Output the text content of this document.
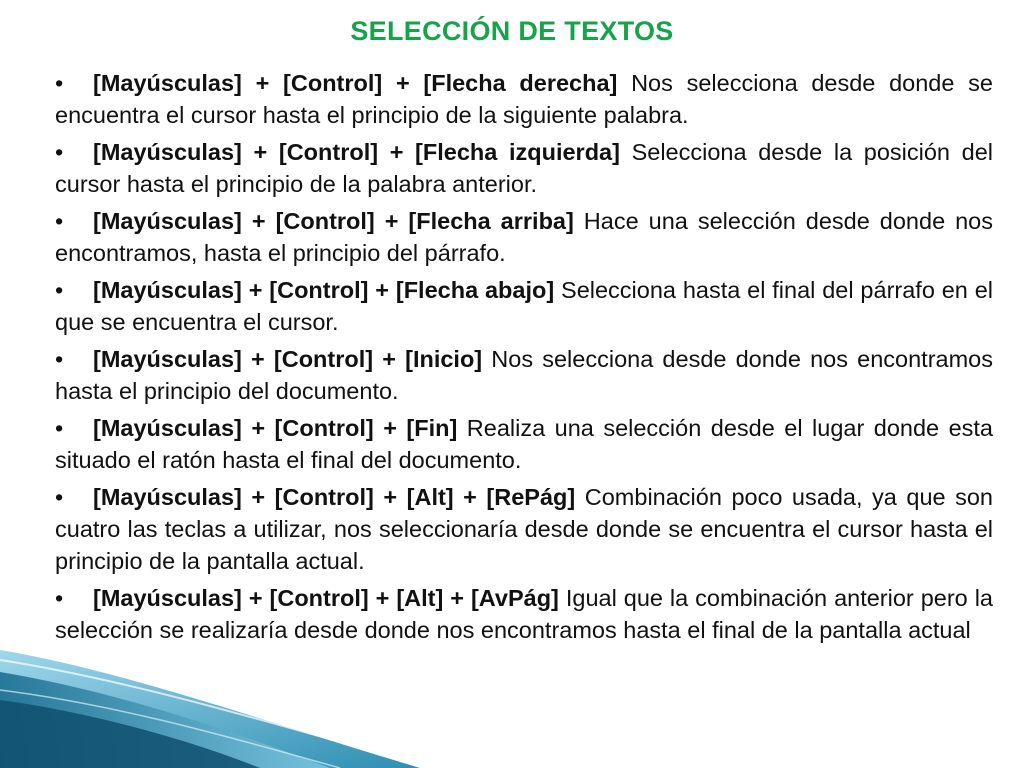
SELECCIÓN DE TEXTOS
• [Mayúsculas] + [Control] + [Flecha derecha] Nos selecciona desde donde se encuentra el cursor hasta el principio de la siguiente palabra.
• [Mayúsculas] + [Control] + [Flecha izquierda] Selecciona desde la posición del cursor hasta el principio de la palabra anterior.
• [Mayúsculas] + [Control] + [Flecha arriba] Hace una selección desde donde nos encontramos, hasta el principio del párrafo.
• [Mayúsculas] + [Control] + [Flecha abajo] Selecciona hasta el final del párrafo en el que se encuentra el cursor.
• [Mayúsculas] + [Control] + [Inicio] Nos selecciona desde donde nos encontramos hasta el principio del documento.
• [Mayúsculas] + [Control] + [Fin] Realiza una selección desde el lugar donde esta situado el ratón hasta el final del documento.
• [Mayúsculas] + [Control] + [Alt] + [RePág] Combinación poco usada, ya que son cuatro las teclas a utilizar, nos seleccionaría desde donde se encuentra el cursor hasta el principio de la pantalla actual.
• [Mayúsculas] + [Control] + [Alt] + [AvPág] Igual que la combinación anterior pero la selección se realizaría desde donde nos encontramos hasta el final de la pantalla actual
